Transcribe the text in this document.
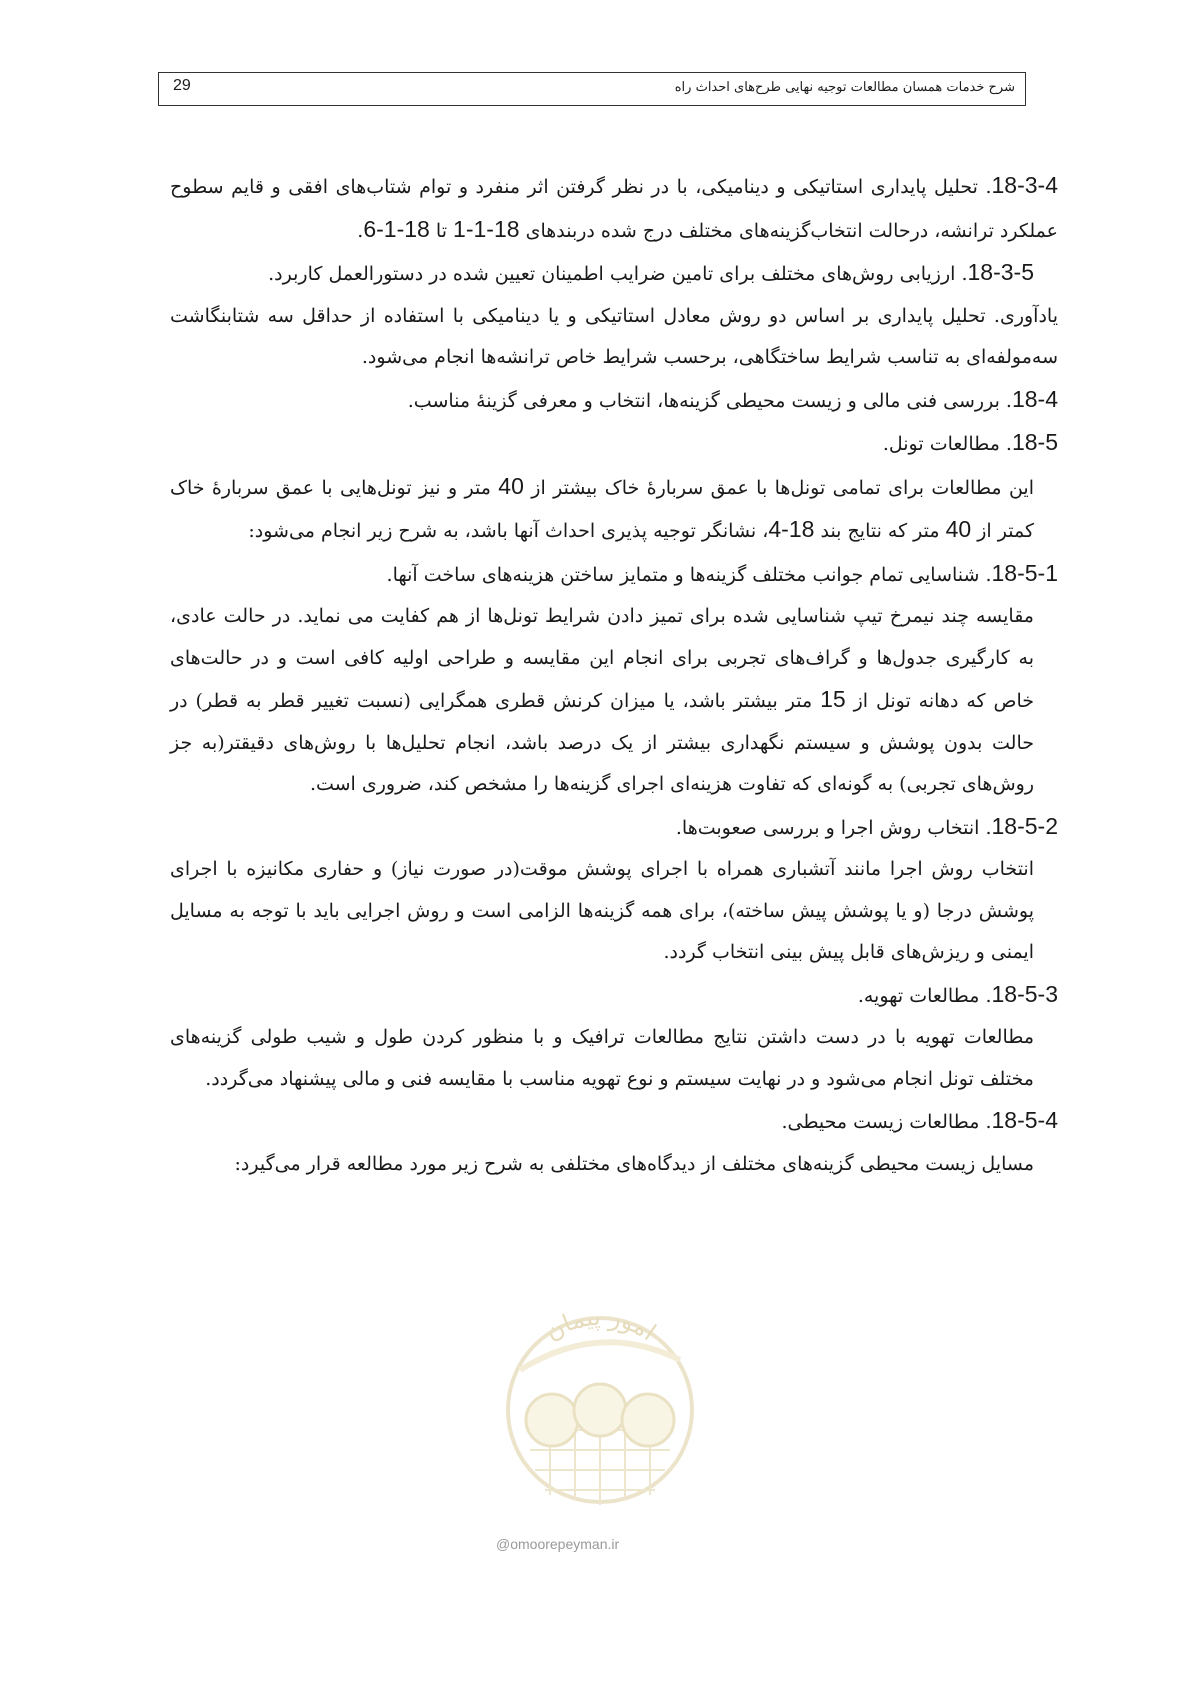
29	شرح خدمات همسان مطالعات توجیه نهایی طرح‌های احداث راه

18-3-4. تحلیل پایداری استاتیکی و دینامیکی، با در نظر گرفتن اثر منفرد و توام شتاب‌های افقی و قایم سطوح عملکرد ترانشه، درحالت انتخاب‌گزینه‌های مختلف درج شده دربندهای 18-1-1 تا 18-1-6.

18-3-5. ارزیابی روش‌های مختلف برای تامین ضرایب اطمینان تعیین شده در دستورالعمل کاربرد.

یادآوری. تحلیل پایداری بر اساس دو روش معادل استاتیکی و یا دینامیکی با استفاده از حداقل سه شتابنگاشت سه‌مولفه‌ای به تناسب شرایط ساختگاهی، برحسب شرایط خاص ترانشه‌ها انجام می‌شود.

18-4. بررسی فنی مالی و زیست محیطی گزینه‌ها، انتخاب و معرفی گزینهٔ مناسب.

18-5. مطالعات تونل.

این مطالعات برای تمامی تونل‌ها با عمق سربارهٔ خاک بیشتر از 40 متر و نیز تونل‌هایی با عمق سربارهٔ خاک کمتر از 40 متر که نتایج بند 18-4، نشانگر توجیه پذیری احداث آنها باشد، به شرح زیر انجام می‌شود:

18-5-1. شناسایی تمام جوانب مختلف گزینه‌ها و متمایز ساختن هزینه‌های ساخت آنها.

مقایسه چند نیمرخ تیپ شناسایی شده برای تمیز دادن شرایط تونل‌ها از هم کفایت می نماید. در حالت عادی، به کارگیری جدول‌ها و گراف‌های تجربی برای انجام این مقایسه و طراحی اولیه کافی است و در حالت‌های خاص که دهانه تونل از 15 متر بیشتر باشد، یا میزان کرنش قطری همگرایی (نسبت تغییر قطر به قطر) در حالت بدون پوشش و سیستم نگهداری بیشتر از یک درصد باشد، انجام تحلیل‌ها با روش‌های دقیقتر(به جز روش‌های تجربی) به گونه‌ای که تفاوت هزینه‌ای اجرای گزینه‌ها را مشخص کند، ضروری است.

18-5-2. انتخاب روش اجرا و بررسی صعوبت‌ها.

انتخاب روش اجرا مانند آتشباری همراه با اجرای پوشش موقت(در صورت نیاز) و حفاری مکانیزه با اجرای پوشش درجا (و یا پوشش پیش ساخته)، برای همه گزینه‌ها الزامی است و روش اجرایی باید با توجه به مسایل ایمنی و ریزش‌های قابل پیش بینی انتخاب گردد.

18-5-3. مطالعات تهویه.

مطالعات تهویه با در دست داشتن نتایج مطالعات ترافیک و با منظور کردن طول و شیب طولی گزینه‌های مختلف تونل انجام می‌شود و در نهایت سیستم و نوع تهویه مناسب با مقایسه فنی و مالی پیشنهاد می‌گردد.

18-5-4. مطالعات زیست محیطی.

مسایل زیست محیطی گزینه‌های مختلف از دیدگاه‌های مختلفی به شرح زیر مورد مطالعه قرار می‌گیرد:

امور پیمان
@omoorepeyman.ir
